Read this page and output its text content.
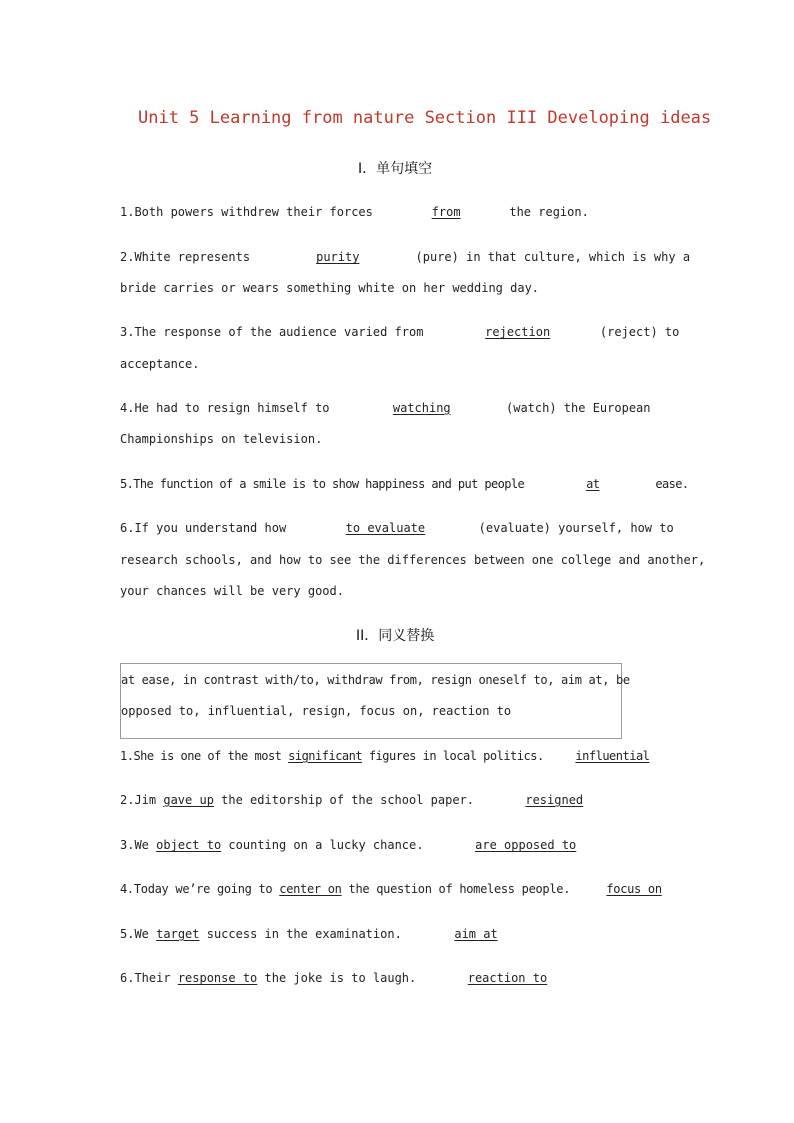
Unit 5 Learning from nature Section III Developing ideas
I．单句填空
1.Both powers withdrew their forces	from	the region.
2.White represents	purity	(pure) in that culture, which is why a
bride carries or wears something white on her wedding day.
3.The response of the audience varied from	rejection	(reject) to
acceptance.
4.He had to resign himself to	watching	(watch) the European
Championships on television.
5.The function of a smile is to show happiness and put people	at	ease.
6.If you understand how	to evaluate	(evaluate) yourself, how to
research schools, and how to see the differences between one college and another,
your chances will be very good.
II．同义替换
at ease, in contrast with/to, withdraw from, resign oneself to, aim at, be
opposed to, influential, resign, focus on, reaction to
1.She is one of the most significant figures in local politics.	influential
2.Jim gave up the editorship of the school paper.	resigned
3.We object to counting on a lucky chance.	are opposed to
4.Today we’re going to center on the question of homeless people.	focus on
5.We target success in the examination.	aim at
6.Their response to the joke is to laugh.	reaction to
